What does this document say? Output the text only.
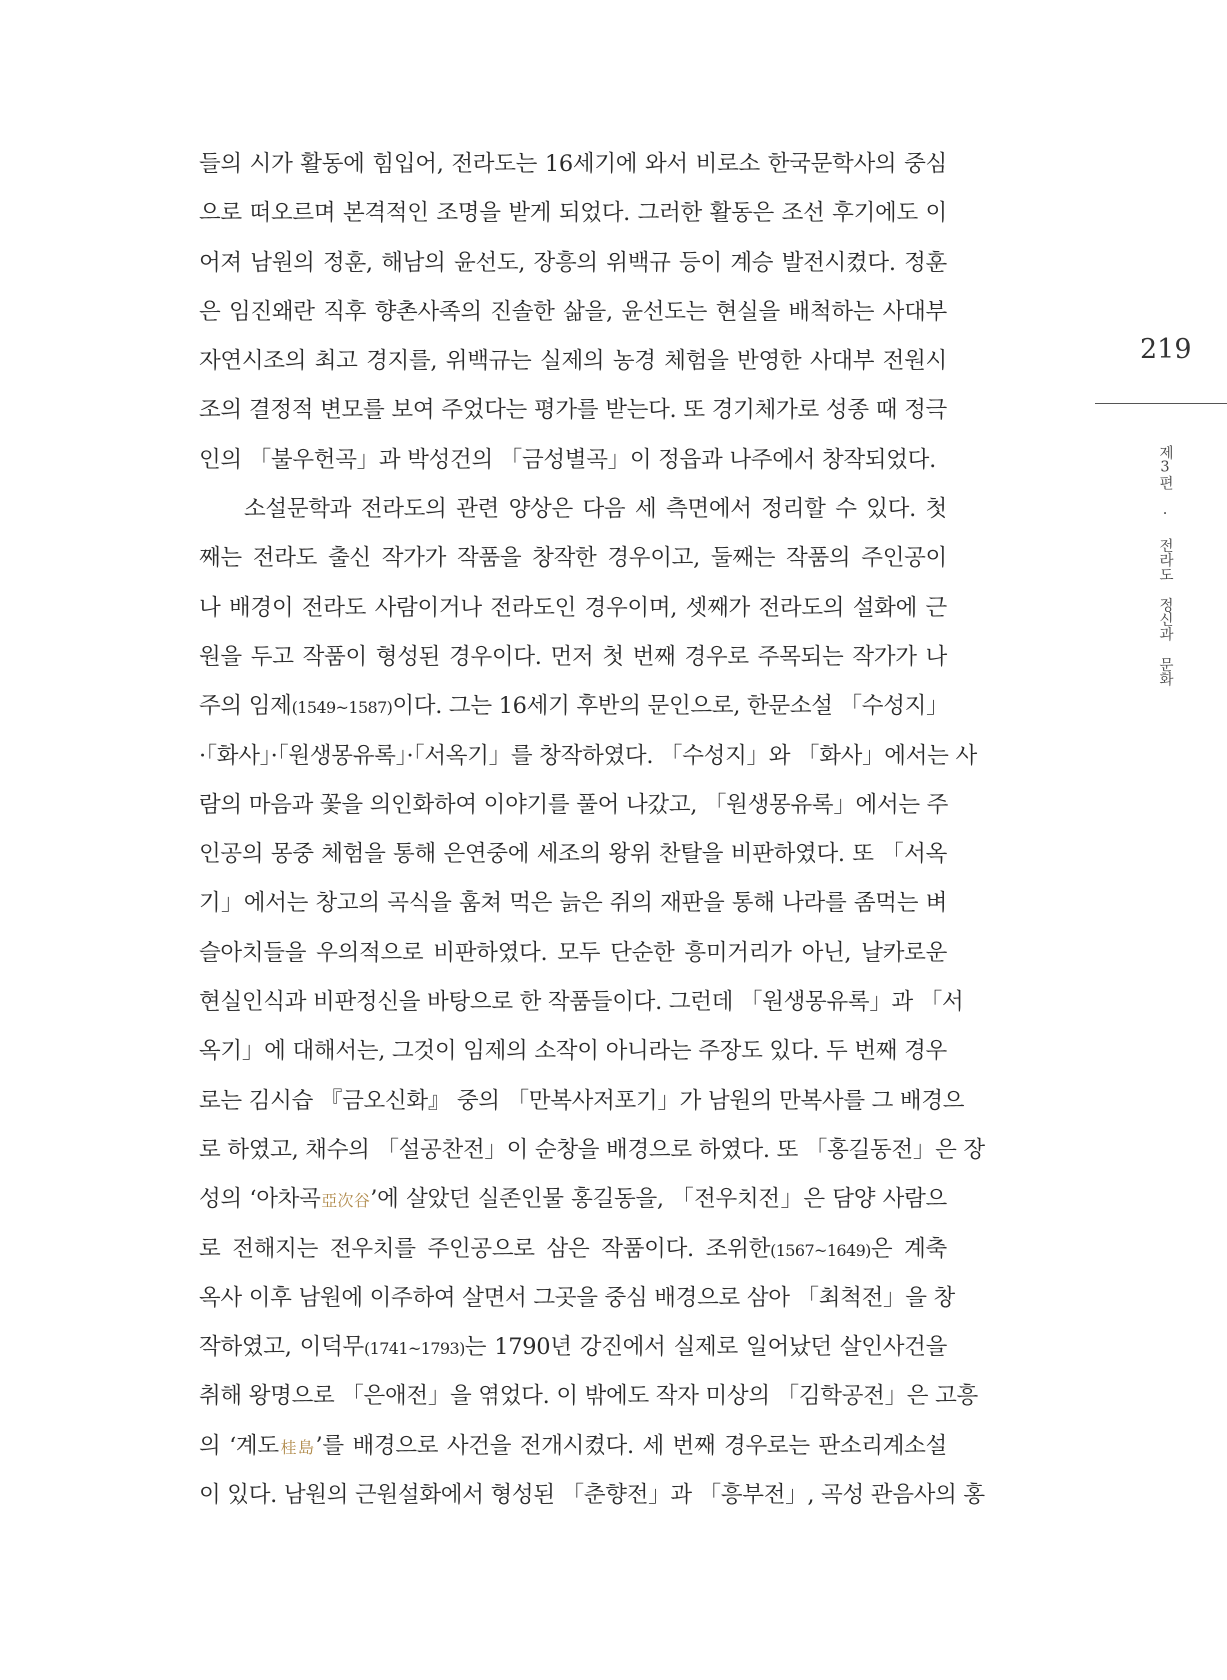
들의 시가 활동에 힘입어, 전라도는 16세기에 와서 비로소 한국문학사의 중심
으로 떠오르며 본격적인 조명을 받게 되었다. 그러한 활동은 조선 후기에도 이
어져 남원의 정훈, 해남의 윤선도, 장흥의 위백규 등이 계승 발전시켰다. 정훈
은 임진왜란 직후 향촌사족의 진솔한 삶을, 윤선도는 현실을 배척하는 사대부
자연시조의 최고 경지를, 위백규는 실제의 농경 체험을 반영한 사대부 전원시
조의 결정적 변모를 보여 주었다는 평가를 받는다. 또 경기체가로 성종 때 정극
인의 「불우헌곡」과 박성건의 「금성별곡」이 정읍과 나주에서 창작되었다.
소설문학과 전라도의 관련 양상은 다음 세 측면에서 정리할 수 있다. 첫
째는 전라도 출신 작가가 작품을 창작한 경우이고, 둘째는 작품의 주인공이
나 배경이 전라도 사람이거나 전라도인 경우이며, 셋째가 전라도의 설화에 근
원을 두고 작품이 형성된 경우이다. 먼저 첫 번째 경우로 주목되는 작가가 나
주의 임제(1549~1587)이다. 그는 16세기 후반의 문인으로, 한문소설 「수성지」
·「화사」·「원생몽유록」·「서옥기」를 창작하였다. 「수성지」와 「화사」에서는 사
람의 마음과 꽃을 의인화하여 이야기를 풀어 나갔고, 「원생몽유록」에서는 주
인공의 몽중 체험을 통해 은연중에 세조의 왕위 찬탈을 비판하였다. 또 「서옥
기」에서는 창고의 곡식을 훔쳐 먹은 늙은 쥐의 재판을 통해 나라를 좀먹는 벼
슬아치들을 우의적으로 비판하였다. 모두 단순한 흥미거리가 아닌, 날카로운
현실인식과 비판정신을 바탕으로 한 작품들이다. 그런데 「원생몽유록」과 「서
옥기」에 대해서는, 그것이 임제의 소작이 아니라는 주장도 있다. 두 번째 경우
로는 김시습 『금오신화』 중의 「만복사저포기」가 남원의 만복사를 그 배경으
로 하였고, 채수의 「설공찬전」이 순창을 배경으로 하였다. 또 「홍길동전」은 장
성의 ‘아차곡亞次谷’에 살았던 실존인물 홍길동을, 「전우치전」은 담양 사람으
로 전해지는 전우치를 주인공으로 삼은 작품이다. 조위한(1567~1649)은 계축
옥사 이후 남원에 이주하여 살면서 그곳을 중심 배경으로 삼아 「최척전」을 창
작하였고, 이덕무(1741~1793)는 1790년 강진에서 실제로 일어났던 살인사건을
취해 왕명으로 「은애전」을 엮었다. 이 밖에도 작자 미상의 「김학공전」은 고흥
의 ‘계도桂島’를 배경으로 사건을 전개시켰다. 세 번째 경우로는 판소리계소설
이 있다. 남원의 근원설화에서 형성된 「춘향전」과 「흥부전」, 곡성 관음사의 홍
219
제3편 · 전라도 정신과 문화
